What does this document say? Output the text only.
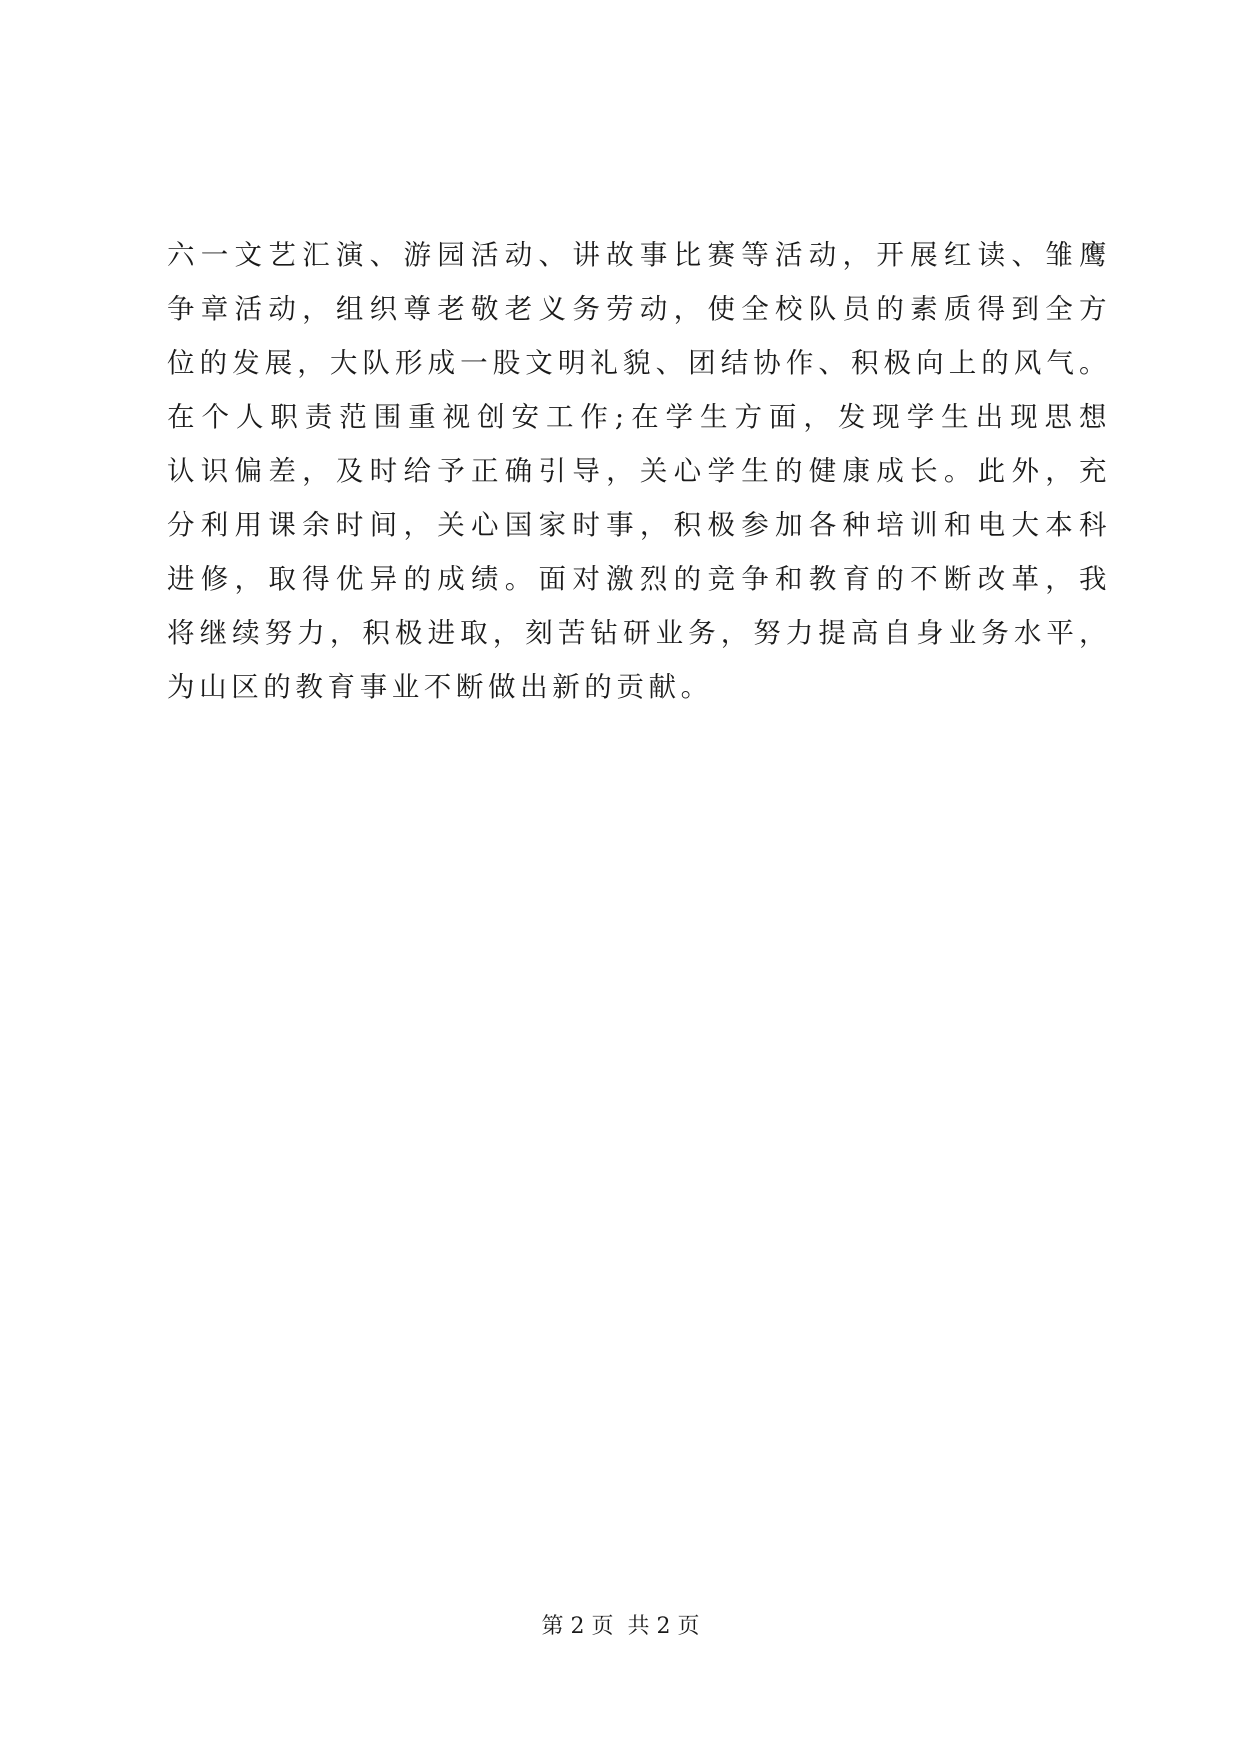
六一文艺汇演、游园活动、讲故事比赛等活动，开展红读、雏鹰
争章活动，组织尊老敬老义务劳动，使全校队员的素质得到全方
位的发展，大队形成一股文明礼貌、团结协作、积极向上的风气。
在个人职责范围重视创安工作;在学生方面，发现学生出现思想
认识偏差，及时给予正确引导，关心学生的健康成长。此外，充
分利用课余时间，关心国家时事，积极参加各种培训和电大本科
进修，取得优异的成绩。面对激烈的竞争和教育的不断改革，我
将继续努力，积极进取，刻苦钻研业务，努力提高自身业务水平，
为山区的教育事业不断做出新的贡献。
第 2 页 共 2 页
